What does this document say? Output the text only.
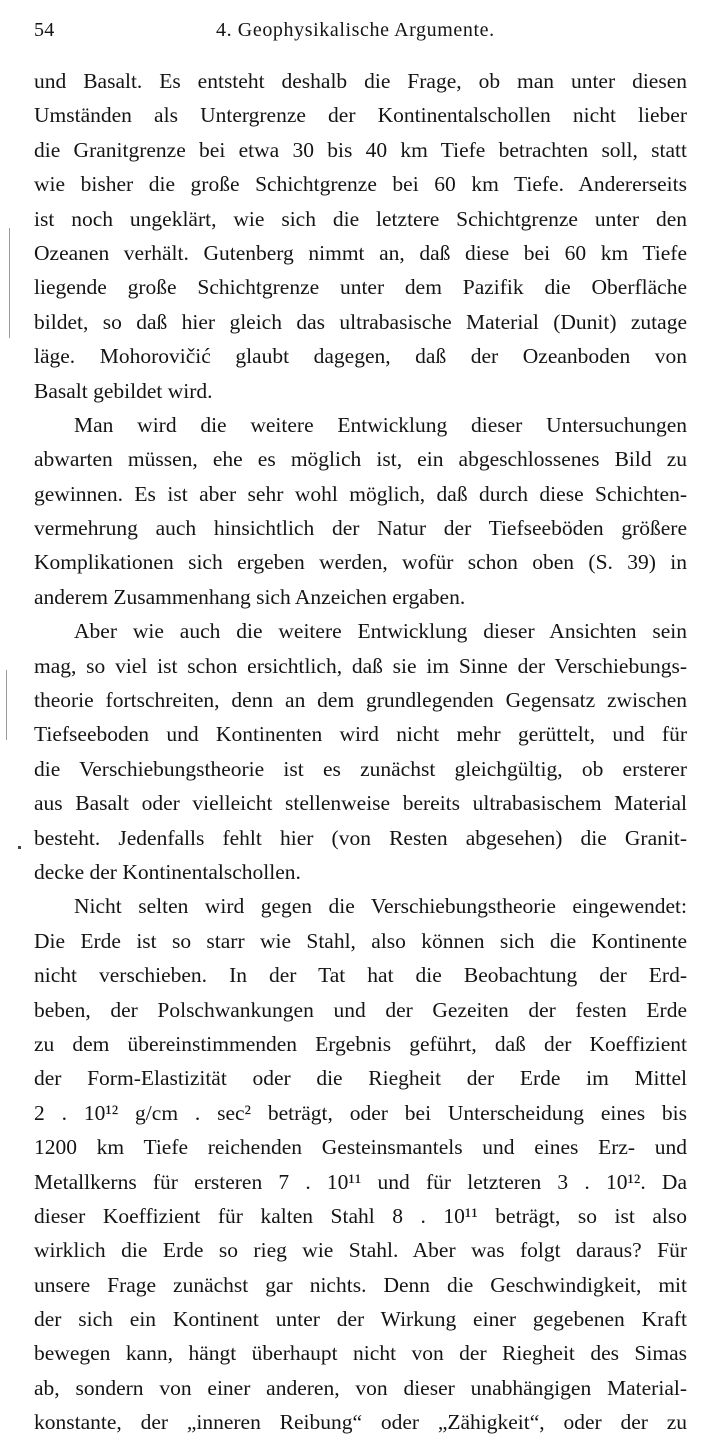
54	4. Geophysikalische Argumente.
und Basalt. Es entsteht deshalb die Frage, ob man unter diesen
Umständen als Untergrenze der Kontinentalschollen nicht lieber
die Granitgrenze bei etwa 30 bis 40 km Tiefe betrachten soll, statt
wie bisher die große Schichtgrenze bei 60 km Tiefe. Andererseits
ist noch ungeklärt, wie sich die letztere Schichtgrenze unter den
Ozeanen verhält. Gutenberg nimmt an, daß diese bei 60 km Tiefe
liegende große Schichtgrenze unter dem Pazifik die Oberfläche
bildet, so daß hier gleich das ultrabasische Material (Dunit) zutage
läge. Mohorovičić glaubt dagegen, daß der Ozeanboden von
Basalt gebildet wird.
Man wird die weitere Entwicklung dieser Untersuchungen
abwarten müssen, ehe es möglich ist, ein abgeschlossenes Bild zu
gewinnen. Es ist aber sehr wohl möglich, daß durch diese Schichten-
vermehrung auch hinsichtlich der Natur der Tiefseeböden größere
Komplikationen sich ergeben werden, wofür schon oben (S. 39) in
anderem Zusammenhang sich Anzeichen ergaben.
Aber wie auch die weitere Entwicklung dieser Ansichten sein
mag, so viel ist schon ersichtlich, daß sie im Sinne der Verschiebungs-
theorie fortschreiten, denn an dem grundlegenden Gegensatz zwischen
Tiefseeboden und Kontinenten wird nicht mehr gerüttelt, und für
die Verschiebungstheorie ist es zunächst gleichgültig, ob ersterer
aus Basalt oder vielleicht stellenweise bereits ultrabasischem Material
besteht. Jedenfalls fehlt hier (von Resten abgesehen) die Granit-
decke der Kontinentalschollen.
Nicht selten wird gegen die Verschiebungstheorie eingewendet:
Die Erde ist so starr wie Stahl, also können sich die Kontinente
nicht verschieben. In der Tat hat die Beobachtung der Erd-
beben, der Polschwankungen und der Gezeiten der festen Erde
zu dem übereinstimmenden Ergebnis geführt, daß der Koeffizient
der Form-Elastizität oder die Riegheit der Erde im Mittel
2 . 10¹² g/cm . sec² beträgt, oder bei Unterscheidung eines bis
1200 km Tiefe reichenden Gesteinsmantels und eines Erz- und
Metallkerns für ersteren 7 . 10¹¹ und für letzteren 3 . 10¹². Da
dieser Koeffizient für kalten Stahl 8 . 10¹¹ beträgt, so ist also
wirklich die Erde so rieg wie Stahl. Aber was folgt daraus? Für
unsere Frage zunächst gar nichts. Denn die Geschwindigkeit, mit
der sich ein Kontinent unter der Wirkung einer gegebenen Kraft
bewegen kann, hängt überhaupt nicht von der Riegheit des Simas
ab, sondern von einer anderen, von dieser unabhängigen Material-
konstante, der „inneren Reibung“ oder „Zähigkeit“, oder der zu
